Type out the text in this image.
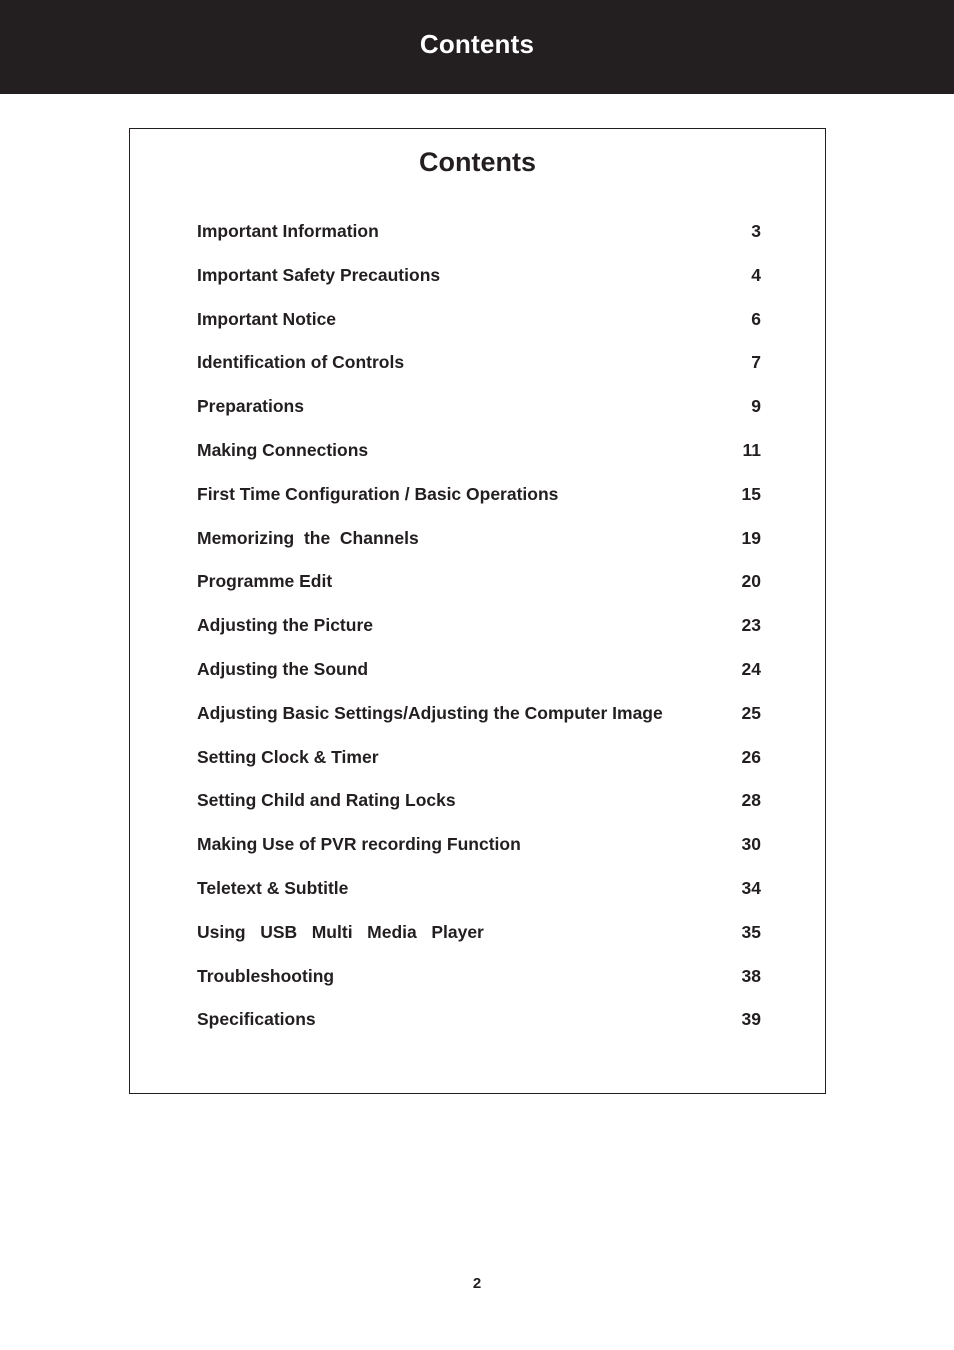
Contents
Contents
Important Information	3
Important Safety Precautions	4
Important Notice	6
Identification of Controls	7
Preparations	9
Making Connections	11
First Time Configuration / Basic Operations	15
Memorizing  the  Channels	19
Programme Edit	20
Adjusting the Picture	23
Adjusting the Sound	24
Adjusting Basic Settings/Adjusting the Computer Image	25
Setting Clock & Timer	26
Setting Child and Rating Locks	28
Making Use of PVR recording Function	30
Teletext & Subtitle	34
Using   USB   Multi   Media   Player	35
Troubleshooting	38
Specifications	39
2
